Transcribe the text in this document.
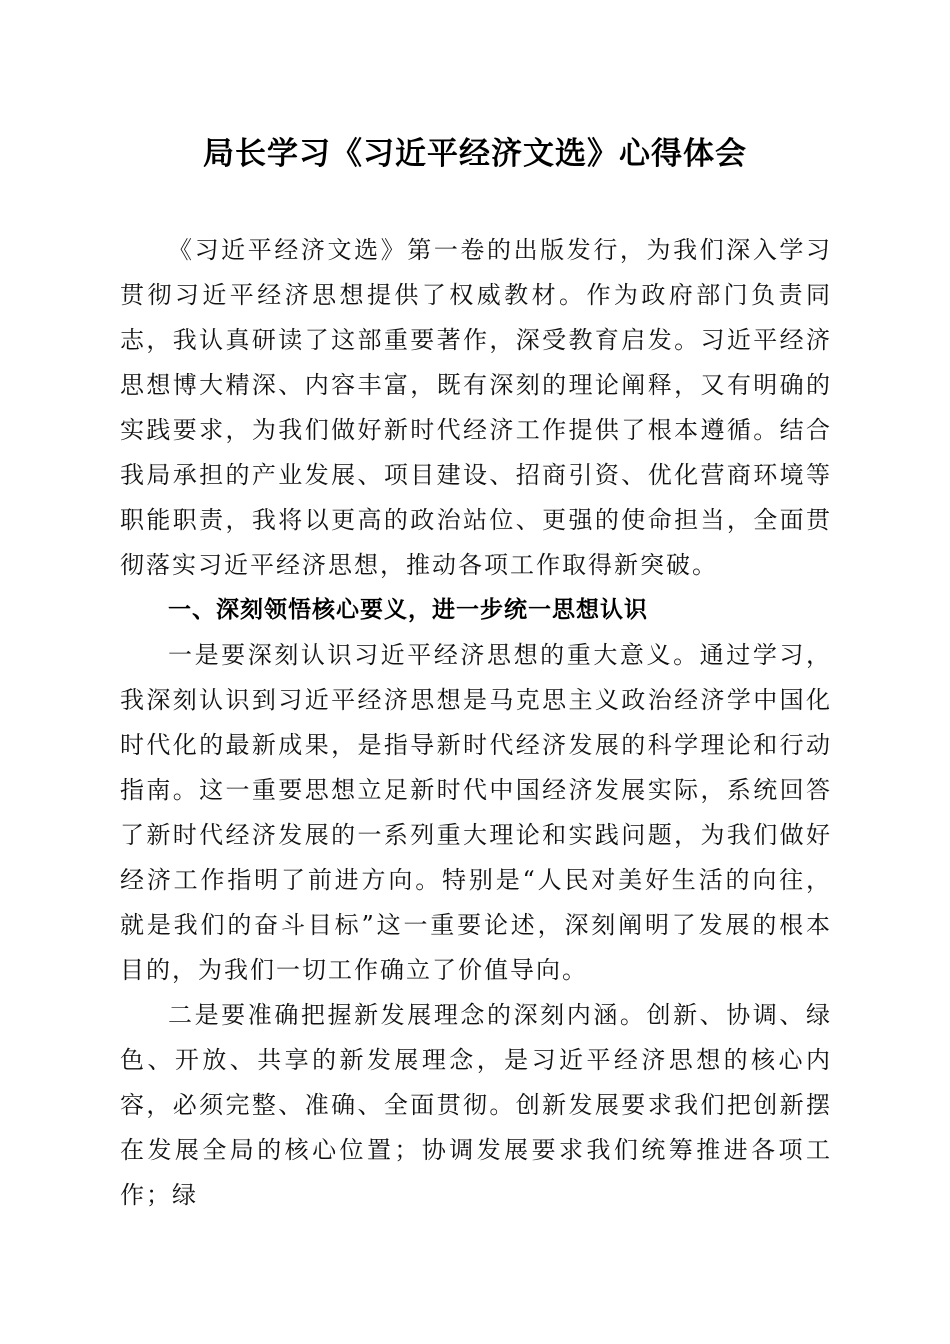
局长学习《习近平经济文选》心得体会

《习近平经济文选》第一卷的出版发行，为我们深入学习贯彻习近平经济思想提供了权威教材。作为政府部门负责同志，我认真研读了这部重要著作，深受教育启发。习近平经济思想博大精深、内容丰富，既有深刻的理论阐释，又有明确的实践要求，为我们做好新时代经济工作提供了根本遵循。结合我局承担的产业发展、项目建设、招商引资、优化营商环境等职能职责，我将以更高的政治站位、更强的使命担当，全面贯彻落实习近平经济思想，推动各项工作取得新突破。

一、深刻领悟核心要义，进一步统一思想认识

一是要深刻认识习近平经济思想的重大意义。通过学习，我深刻认识到习近平经济思想是马克思主义政治经济学中国化时代化的最新成果，是指导新时代经济发展的科学理论和行动指南。这一重要思想立足新时代中国经济发展实际，系统回答了新时代经济发展的一系列重大理论和实践问题，为我们做好经济工作指明了前进方向。特别是“人民对美好生活的向往，就是我们的奋斗目标”这一重要论述，深刻阐明了发展的根本目的，为我们一切工作确立了价值导向。

二是要准确把握新发展理念的深刻内涵。创新、协调、绿色、开放、共享的新发展理念，是习近平经济思想的核心内容，必须完整、准确、全面贯彻。创新发展要求我们把创新摆在发展全局的核心位置；协调发展要求我们统筹推进各项工作；绿
